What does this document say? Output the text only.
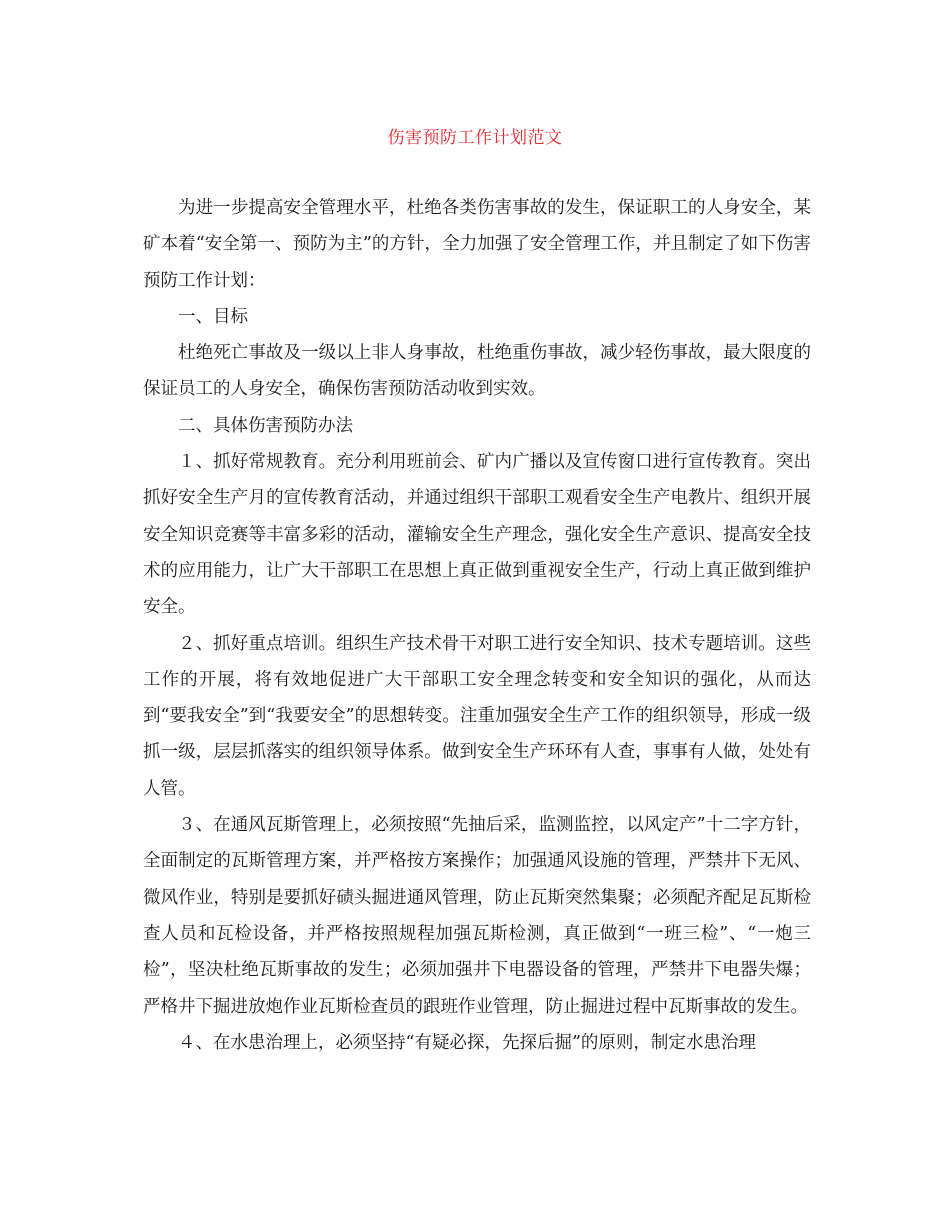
伤害预防工作计划范文

为进一步提高安全管理水平，杜绝各类伤害事故的发生，保证职工的人身安全，某矿本着“安全第一、预防为主”的方针，全力加强了安全管理工作，并且制定了如下伤害预防工作计划：

一、目标

杜绝死亡事故及一级以上非人身事故，杜绝重伤事故，减少轻伤事故，最大限度的保证员工的人身安全，确保伤害预防活动收到实效。

二、具体伤害预防办法

１、抓好常规教育。充分利用班前会、矿内广播以及宣传窗口进行宣传教育。突出抓好安全生产月的宣传教育活动，并通过组织干部职工观看安全生产电教片、组织开展安全知识竞赛等丰富多彩的活动，灌输安全生产理念，强化安全生产意识、提高安全技术的应用能力，让广大干部职工在思想上真正做到重视安全生产，行动上真正做到维护安全。

２、抓好重点培训。组织生产技术骨干对职工进行安全知识、技术专题培训。这些工作的开展，将有效地促进广大干部职工安全理念转变和安全知识的强化，从而达到“要我安全”到“我要安全”的思想转变。注重加强安全生产工作的组织领导，形成一级抓一级，层层抓落实的组织领导体系。做到安全生产环环有人查，事事有人做，处处有人管。

３、在通风瓦斯管理上，必须按照“先抽后采，监测监控，以风定产”十二字方针，全面制定的瓦斯管理方案，并严格按方案操作；加强通风设施的管理，严禁井下无风、微风作业，特别是要抓好碛头掘进通风管理，防止瓦斯突然集聚；必须配齐配足瓦斯检查人员和瓦检设备，并严格按照规程加强瓦斯检测，真正做到“一班三检”、“一炮三检”，坚决杜绝瓦斯事故的发生；必须加强井下电器设备的管理，严禁井下电器失爆；严格井下掘进放炮作业瓦斯检查员的跟班作业管理，防止掘进过程中瓦斯事故的发生。

４、在水患治理上，必须坚持“有疑必探，先探后掘”的原则，制定水患治理
